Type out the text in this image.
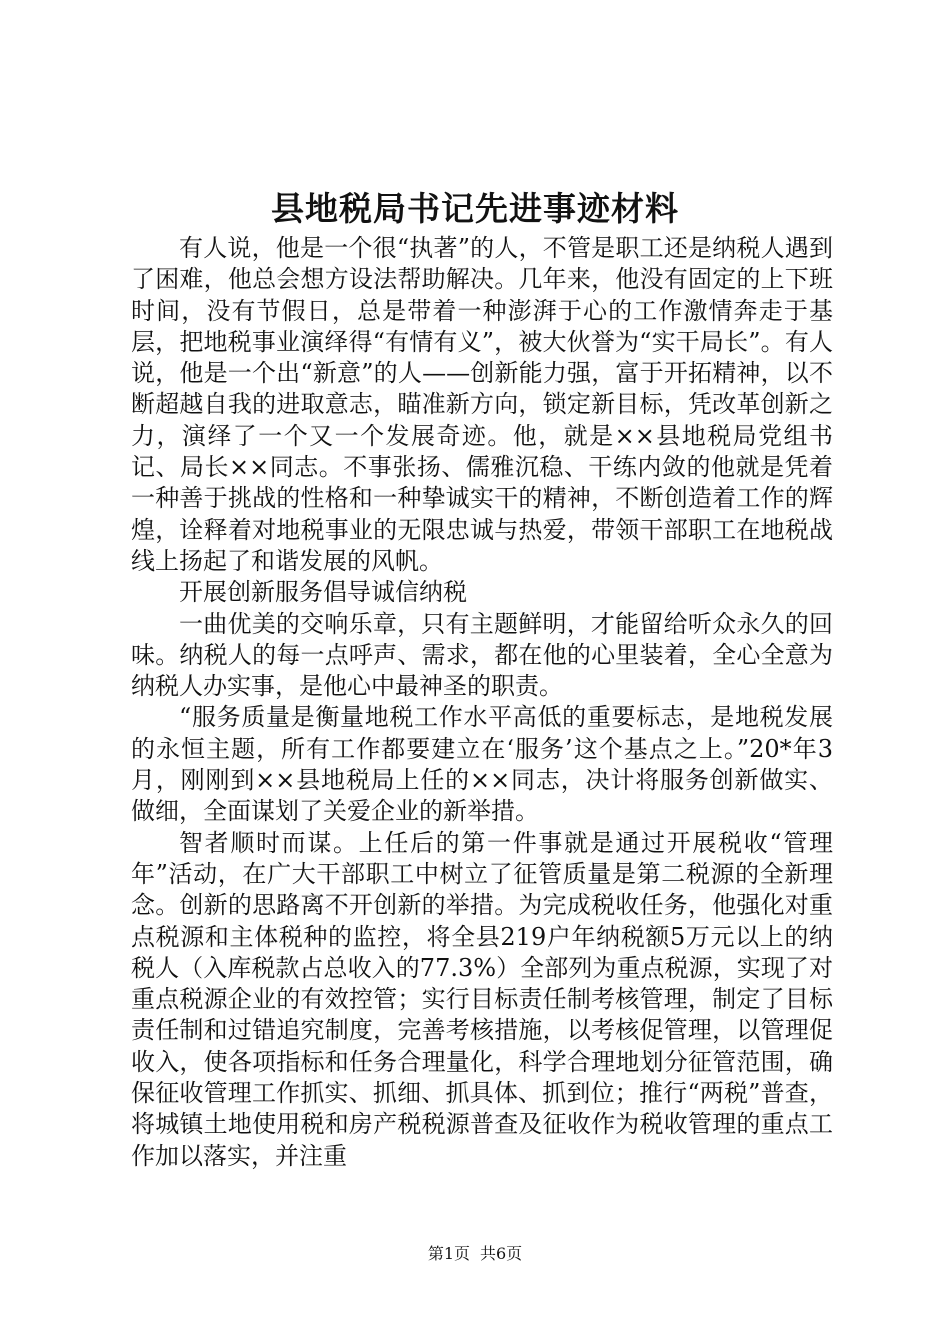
县地税局书记先进事迹材料

有人说，他是一个很“执著”的人，不管是职工还是纳税人遇到了困难，他总会想方设法帮助解决。几年来，他没有固定的上下班时间，没有节假日，总是带着一种澎湃于心的工作激情奔走于基层，把地税事业演绎得“有情有义”，被大伙誉为“实干局长”。有人说，他是一个出“新意”的人——创新能力强，富于开拓精神，以不断超越自我的进取意志，瞄准新方向，锁定新目标，凭改革创新之力，演绎了一个又一个发展奇迹。他，就是××县地税局党组书记、局长××同志。不事张扬、儒雅沉稳、干练内敛的他就是凭着一种善于挑战的性格和一种挚诚实干的精神，不断创造着工作的辉煌，诠释着对地税事业的无限忠诚与热爱，带领干部职工在地税战线上扬起了和谐发展的风帆。

开展创新服务倡导诚信纳税

一曲优美的交响乐章，只有主题鲜明，才能留给听众永久的回味。纳税人的每一点呼声、需求，都在他的心里装着，全心全意为纳税人办实事，是他心中最神圣的职责。

“服务质量是衡量地税工作水平高低的重要标志，是地税发展的永恒主题，所有工作都要建立在‘服务’这个基点之上。”20*年3月，刚刚到××县地税局上任的××同志，决计将服务创新做实、做细，全面谋划了关爱企业的新举措。

智者顺时而谋。上任后的第一件事就是通过开展税收“管理年”活动，在广大干部职工中树立了征管质量是第二税源的全新理念。创新的思路离不开创新的举措。为完成税收任务，他强化对重点税源和主体税种的监控，将全县219户年纳税额5万元以上的纳税人（入库税款占总收入的77.3%）全部列为重点税源，实现了对重点税源企业的有效控管；实行目标责任制考核管理，制定了目标责任制和过错追究制度，完善考核措施，以考核促管理，以管理促收入，使各项指标和任务合理量化，科学合理地划分征管范围，确保征收管理工作抓实、抓细、抓具体、抓到位；推行“两税”普查，将城镇土地使用税和房产税税源普查及征收作为税收管理的重点工作加以落实，并注重

第1页 共6页
